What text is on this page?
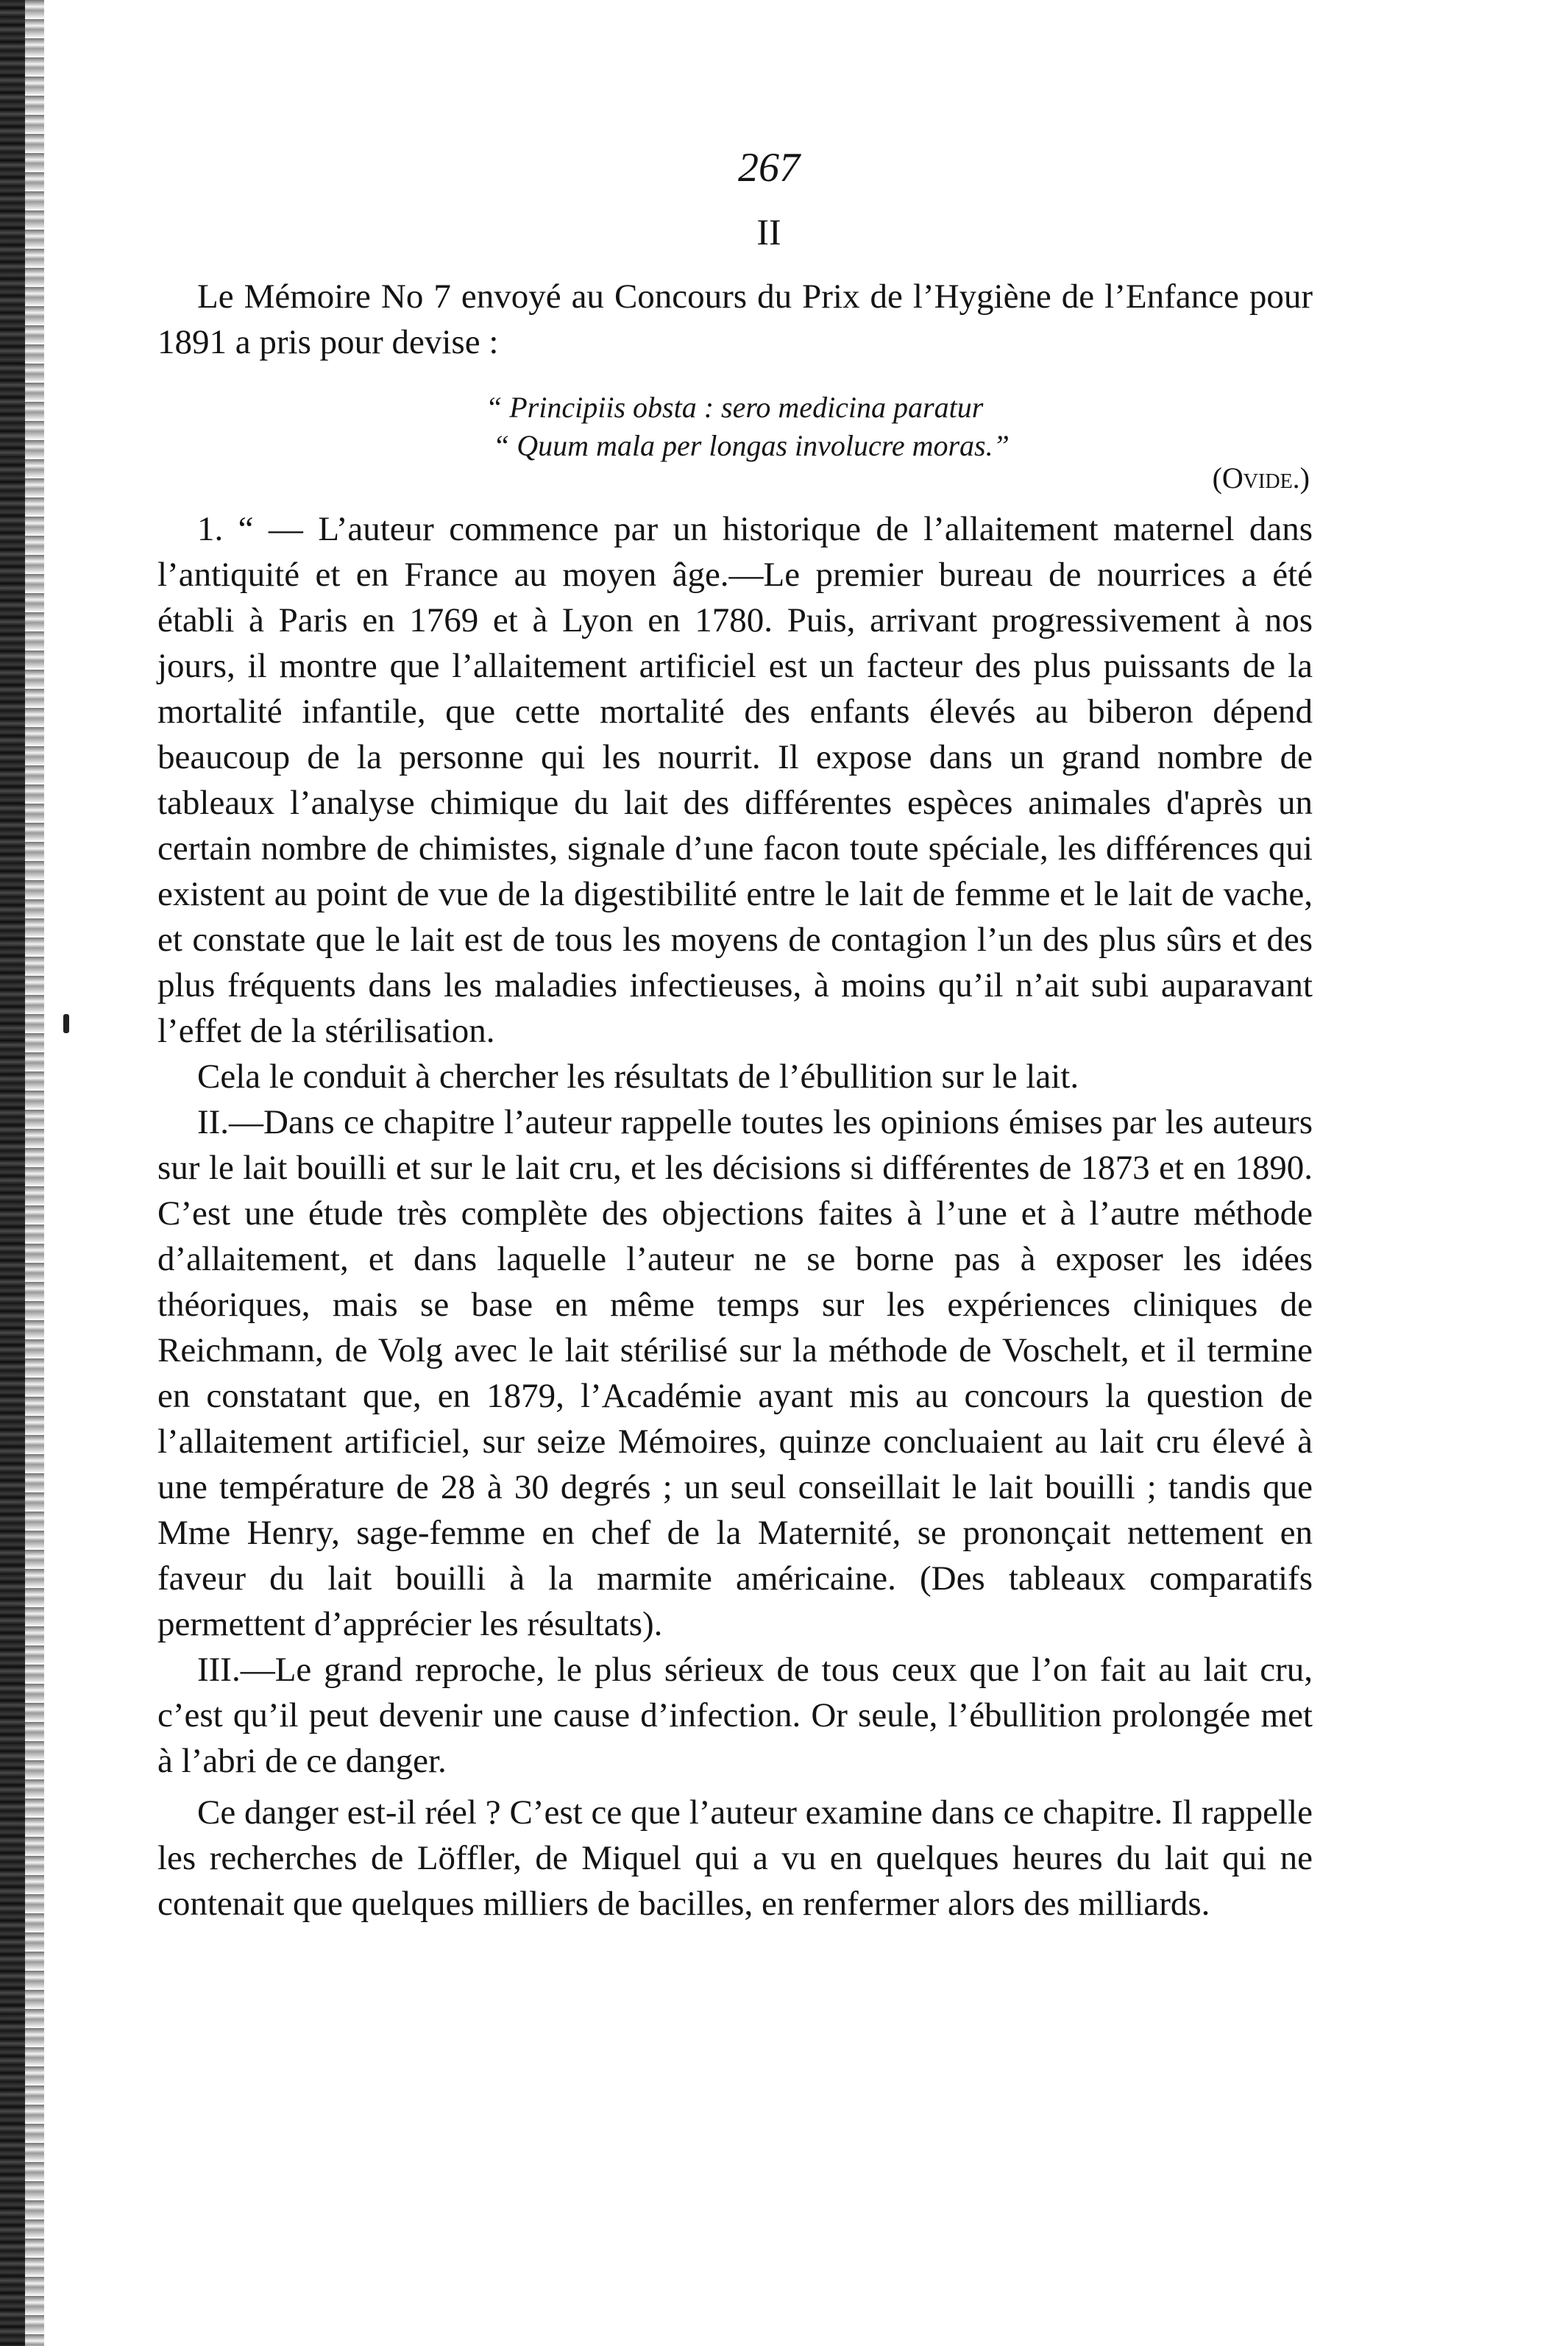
267
II

Le Mémoire No 7 envoyé au Concours du Prix de l’Hygiène de l’Enfance pour 1891 a pris pour devise :

“ Principiis obsta : sero medicina paratur
“ Quum mala per longas involucre moras.”
(Ovide.)

1. “ — L’auteur commence par un historique de l’allaitement maternel dans l’antiquité et en France au moyen âge.—Le premier bureau de nourrices a été établi à Paris en 1769 et à Lyon en 1780. Puis, arrivant progressivement à nos jours, il montre que l’allaitement artificiel est un facteur des plus puissants de la mortalité infantile, que cette mortalité des enfants élevés au biberon dépend beaucoup de la personne qui les nourrit. Il expose dans un grand nombre de tableaux l’analyse chimique du lait des différentes espèces animales d'après un certain nombre de chimistes, signale d’une facon toute spéciale, les différences qui existent au point de vue de la digestibilité entre le lait de femme et le lait de vache, et constate que le lait est de tous les moyens de contagion l’un des plus sûrs et des plus fréquents dans les maladies infectieuses, à moins qu’il n’ait subi auparavant l’effet de la stérilisation.

Cela le conduit à chercher les résultats de l’ébullition sur le lait.

II.—Dans ce chapitre l’auteur rappelle toutes les opinions émises par les auteurs sur le lait bouilli et sur le lait cru, et les décisions si différentes de 1873 et en 1890. C’est une étude très complète des objections faites à l’une et à l’autre méthode d’allaitement, et dans laquelle l’auteur ne se borne pas à exposer les idées théoriques, mais se base en même temps sur les expériences cliniques de Reichmann, de Volg avec le lait stérilisé sur la méthode de Voschelt, et il termine en constatant que, en 1879, l’Académie ayant mis au concours la question de l’allaitement artificiel, sur seize Mémoires, quinze concluaient au lait cru élevé à une température de 28 à 30 degrés ; un seul conseillait le lait bouilli ; tandis que Mme Henry, sage-femme en chef de la Maternité, se prononçait nettement en faveur du lait bouilli à la marmite américaine. (Des tableaux comparatifs permettent d’apprécier les résultats).

III.—Le grand reproche, le plus sérieux de tous ceux que l’on fait au lait cru, c’est qu’il peut devenir une cause d’infection. Or seule, l’ébullition prolongée met à l’abri de ce danger.

Ce danger est-il réel ? C’est ce que l’auteur examine dans ce chapitre. Il rappelle les recherches de Löffler, de Miquel qui a vu en quelques heures du lait qui ne contenait que quelques milliers de bacilles, en renfermer alors des milliards.
